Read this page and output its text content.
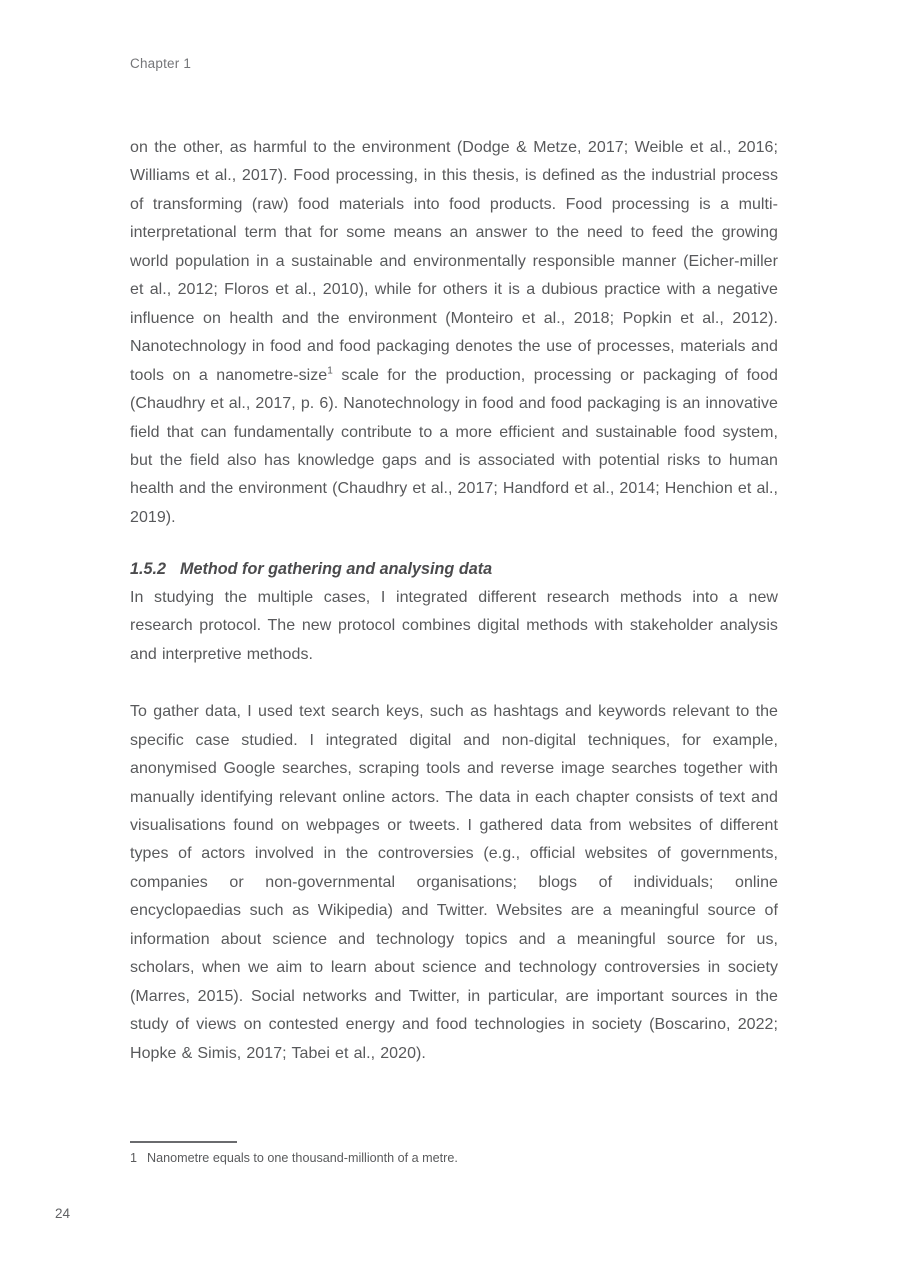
Chapter 1

on the other, as harmful to the environment (Dodge & Metze, 2017; Weible et al., 2016; Williams et al., 2017). Food processing, in this thesis, is defined as the industrial process of transforming (raw) food materials into food products. Food processing is a multi-interpretational term that for some means an answer to the need to feed the growing world population in a sustainable and environmentally responsible manner (Eicher-miller et al., 2012; Floros et al., 2010), while for others it is a dubious practice with a negative influence on health and the environment (Monteiro et al., 2018; Popkin et al., 2012). Nanotechnology in food and food packaging denotes the use of processes, materials and tools on a nanometre-size$^1$ scale for the production, processing or packaging of food (Chaudhry et al., 2017, p. 6). Nanotechnology in food and food packaging is an innovative field that can fundamentally contribute to a more efficient and sustainable food system, but the field also has knowledge gaps and is associated with potential risks to human health and the environment (Chaudhry et al., 2017; Handford et al., 2014; Henchion et al., 2019).

1.5.2 Method for gathering and analysing data

In studying the multiple cases, I integrated different research methods into a new research protocol. The new protocol combines digital methods with stakeholder analysis and interpretive methods.

To gather data, I used text search keys, such as hashtags and keywords relevant to the specific case studied. I integrated digital and non-digital techniques, for example, anonymised Google searches, scraping tools and reverse image searches together with manually identifying relevant online actors. The data in each chapter consists of text and visualisations found on webpages or tweets. I gathered data from websites of different types of actors involved in the controversies (e.g., official websites of governments, companies or non-governmental organisations; blogs of individuals; online encyclopaedias such as Wikipedia) and Twitter. Websites are a meaningful source of information about science and technology topics and a meaningful source for us, scholars, when we aim to learn about science and technology controversies in society (Marres, 2015). Social networks and Twitter, in particular, are important sources in the study of views on contested energy and food technologies in society (Boscarino, 2022; Hopke & Simis, 2017; Tabei et al., 2020).

1 Nanometre equals to one thousand-millionth of a metre.
24
